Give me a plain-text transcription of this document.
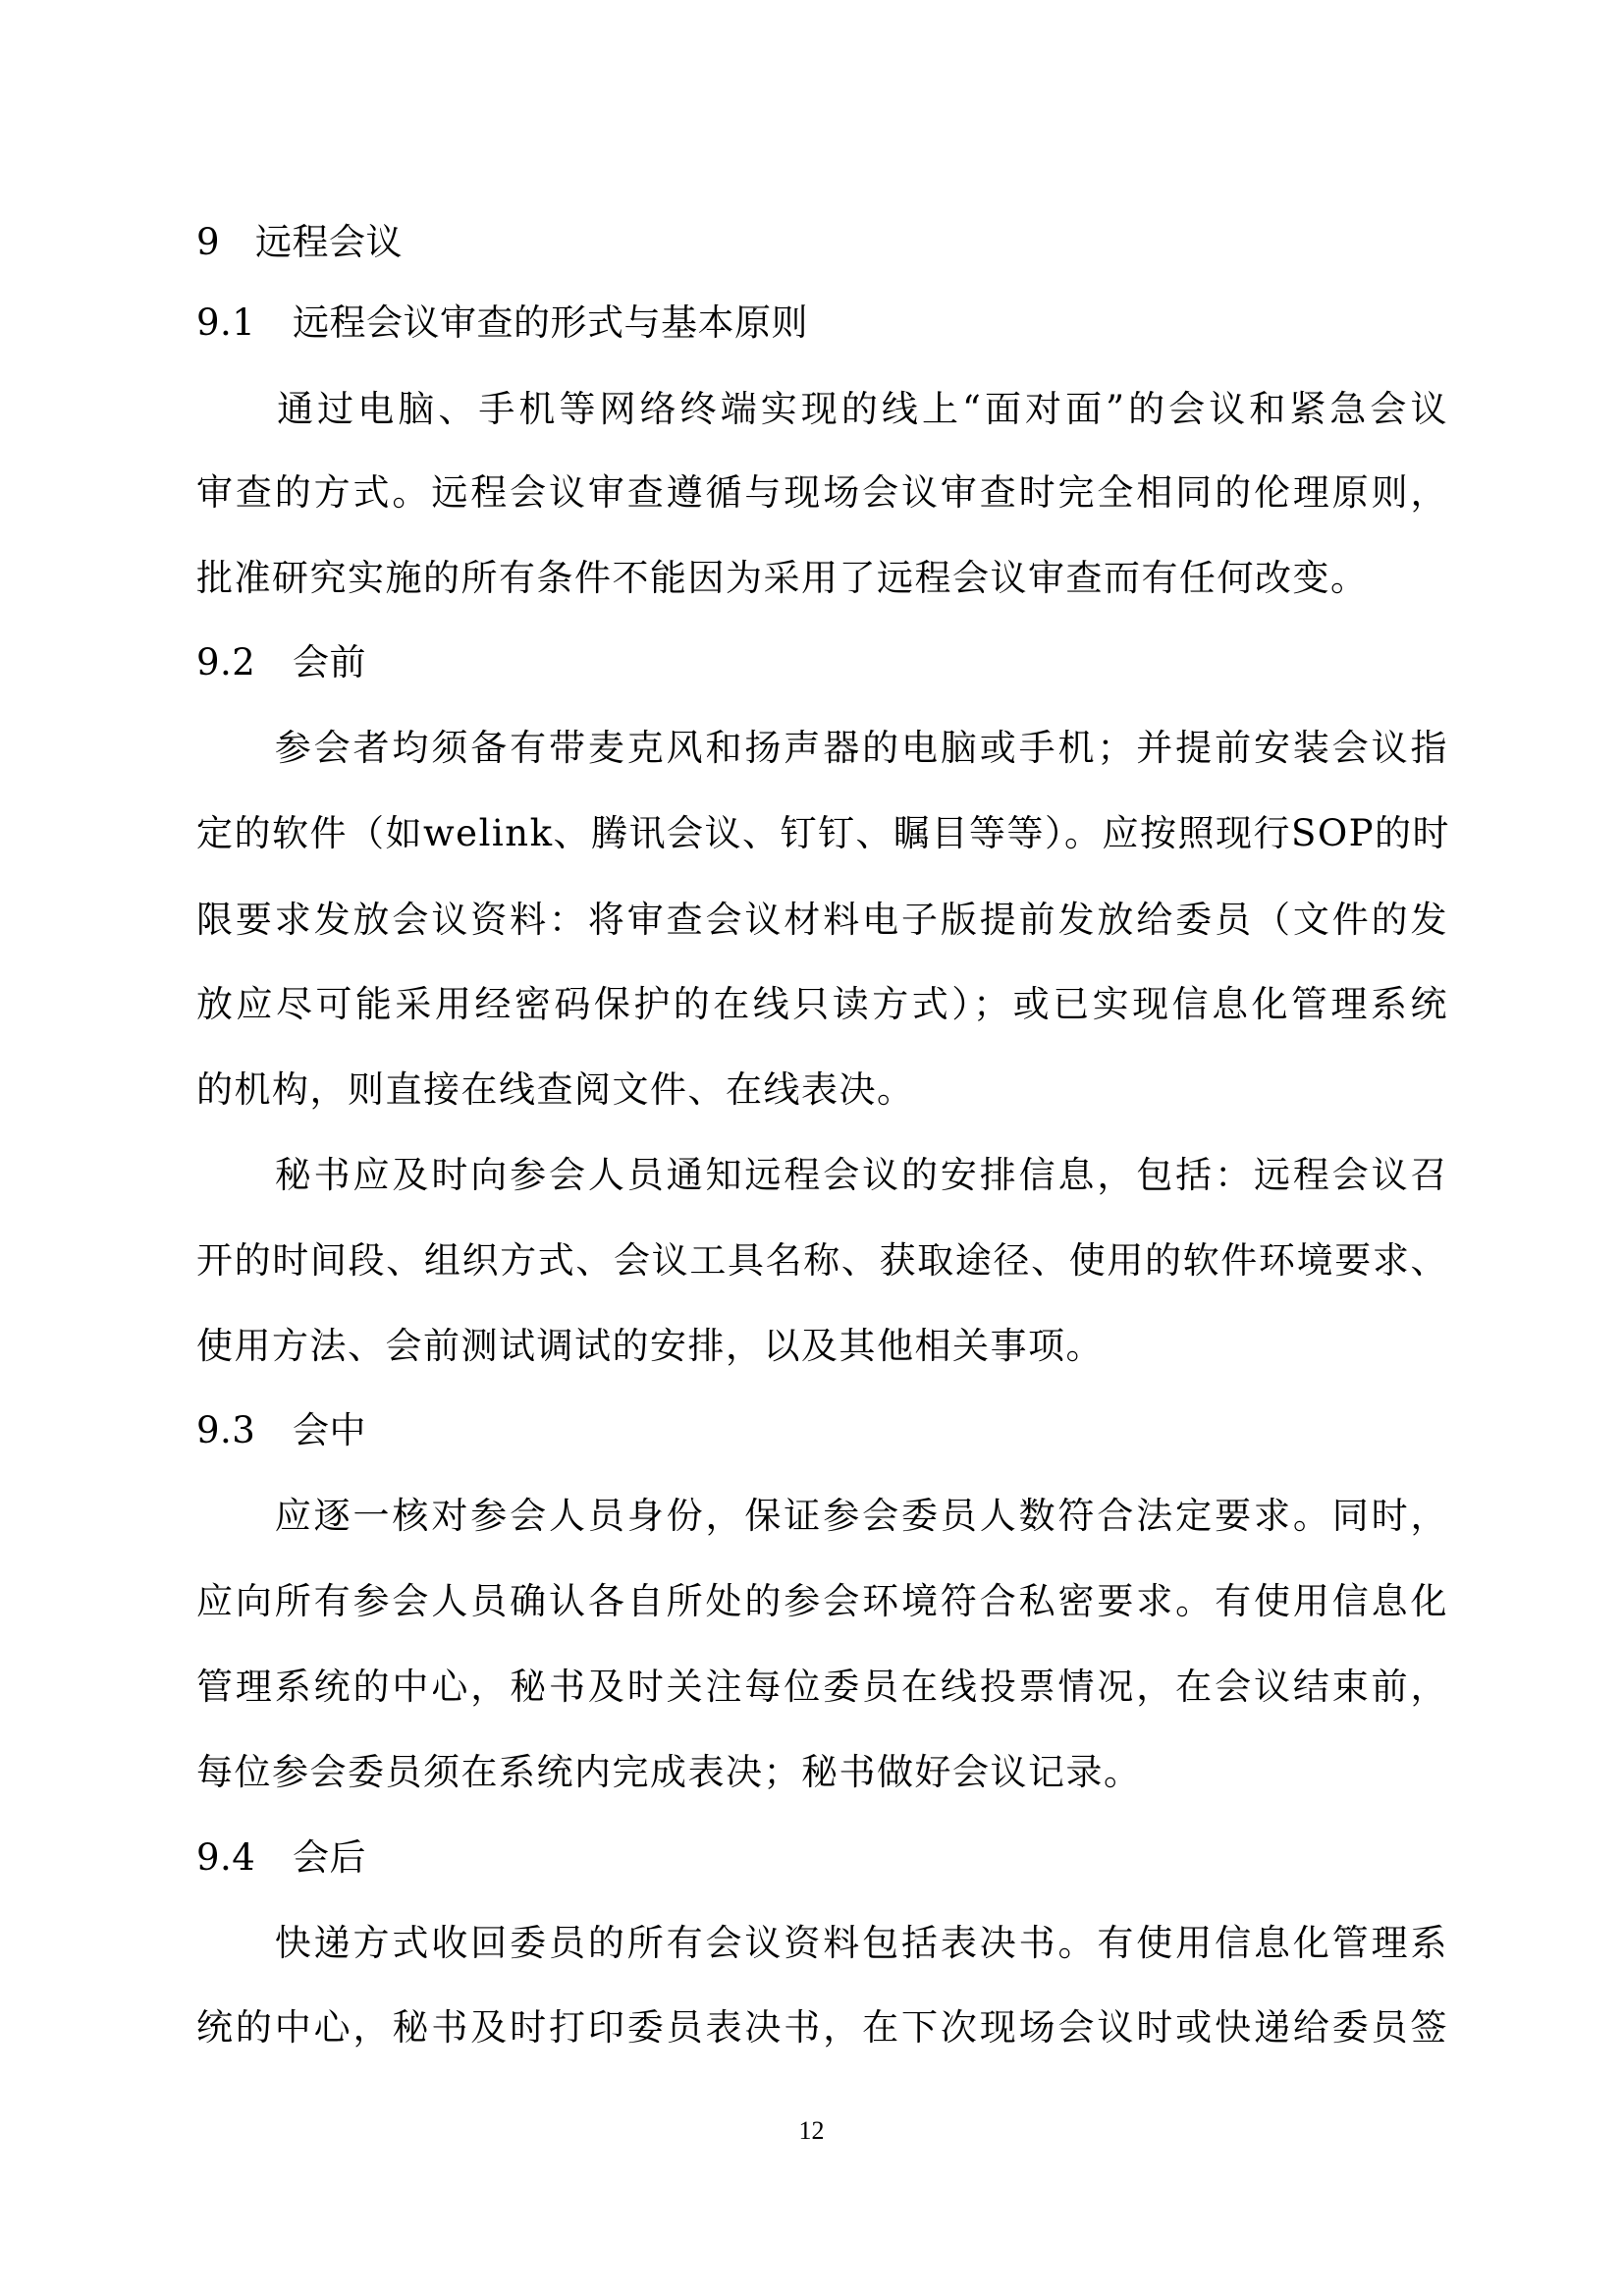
9 远程会议
9.1 远程会议审查的形式与基本原则
　　通过电脑、手机等网络终端实现的线上“面对面”的会议和紧急会议
审查的方式。远程会议审查遵循与现场会议审查时完全相同的伦理原则，
批准研究实施的所有条件不能因为采用了远程会议审查而有任何改变。
9.2 会前
　　参会者均须备有带麦克风和扬声器的电脑或手机；并提前安装会议指
定的软件（如welink、腾讯会议、钉钉、瞩目等等）。应按照现行SOP的时
限要求发放会议资料：将审查会议材料电子版提前发放给委员（文件的发
放应尽可能采用经密码保护的在线只读方式）；或已实现信息化管理系统
的机构，则直接在线查阅文件、在线表决。
　　秘书应及时向参会人员通知远程会议的安排信息，包括：远程会议召
开的时间段、组织方式、会议工具名称、获取途径、使用的软件环境要求、
使用方法、会前测试调试的安排，以及其他相关事项。
9.3 会中
　　应逐一核对参会人员身份，保证参会委员人数符合法定要求。同时，
应向所有参会人员确认各自所处的参会环境符合私密要求。有使用信息化
管理系统的中心，秘书及时关注每位委员在线投票情况，在会议结束前，
每位参会委员须在系统内完成表决；秘书做好会议记录。
9.4 会后
　　快递方式收回委员的所有会议资料包括表决书。有使用信息化管理系
统的中心，秘书及时打印委员表决书，在下次现场会议时或快递给委员签
12
